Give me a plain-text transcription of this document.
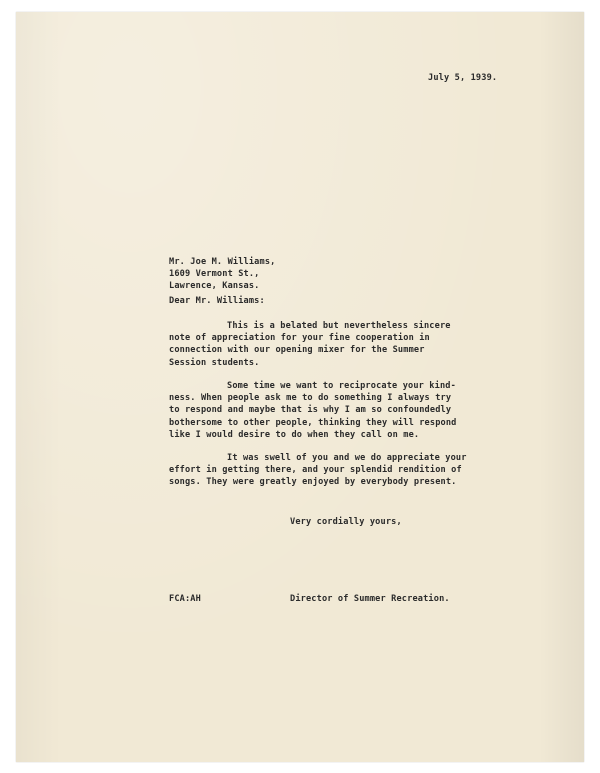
July 5, 1939.
Mr. Joe M. Williams,
1609 Vermont St.,
Lawrence, Kansas.
Dear Mr. Williams:
This is a belated but nevertheless sincere
note of appreciation for your fine cooperation in
connection with our opening mixer for the Summer
Session students.
Some time we want to reciprocate your kind-
ness. When people ask me to do something I always try
to respond and maybe that is why I am so confoundedly
bothersome to other people, thinking they will respond
like I would desire to do when they call on me.
It was swell of you and we do appreciate your
effort in getting there, and your splendid rendition of
songs. They were greatly enjoyed by everybody present.
Very cordially yours,
FCA:AH	Director of Summer Recreation.
